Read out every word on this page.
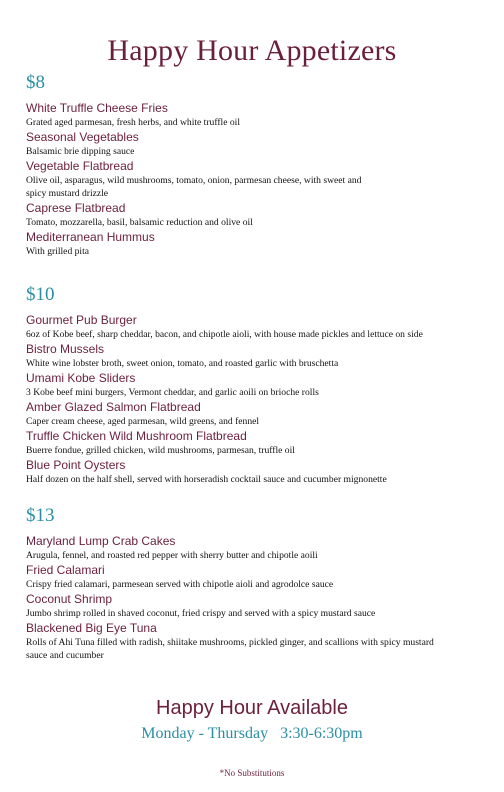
Happy Hour Appetizers
$8
White Truffle Cheese Fries
Grated aged parmesan, fresh herbs, and white truffle oil
Seasonal Vegetables
Balsamic brie dipping sauce
Vegetable Flatbread
Olive oil, asparagus, wild mushrooms, tomato, onion, parmesan cheese, with sweet and spicy mustard drizzle
Caprese Flatbread
Tomato, mozzarella, basil, balsamic reduction and olive oil
Mediterranean Hummus
With grilled pita
$10
Gourmet Pub Burger
6oz of Kobe beef, sharp cheddar, bacon, and chipotle aioli, with house made pickles and lettuce on side
Bistro Mussels
White wine lobster broth, sweet onion, tomato, and roasted garlic with bruschetta
Umami Kobe Sliders
3 Kobe beef mini burgers, Vermont cheddar, and garlic aoili on brioche rolls
Amber Glazed Salmon Flatbread
Caper cream cheese, aged parmesan, wild greens, and fennel
Truffle Chicken Wild Mushroom Flatbread
Buerre fondue, grilled chicken, wild mushrooms, parmesan, truffle oil
Blue Point Oysters
Half dozen on the half shell, served with horseradish cocktail sauce and cucumber mignonette
$13
Maryland Lump Crab Cakes
Arugula, fennel, and roasted red pepper with sherry butter and chipotle aoili
Fried Calamari
Crispy fried calamari, parmesean served with chipotle aioli and agrodolce sauce
Coconut Shrimp
Jumbo shrimp rolled in shaved coconut, fried crispy and served with a spicy mustard sauce
Blackened Big Eye Tuna
Rolls of Ahi Tuna filled with radish, shiitake mushrooms, pickled ginger, and scallions with spicy mustard sauce and cucumber
Happy Hour Available
Monday - Thursday   3:30-6:30pm
*No Substitutions
